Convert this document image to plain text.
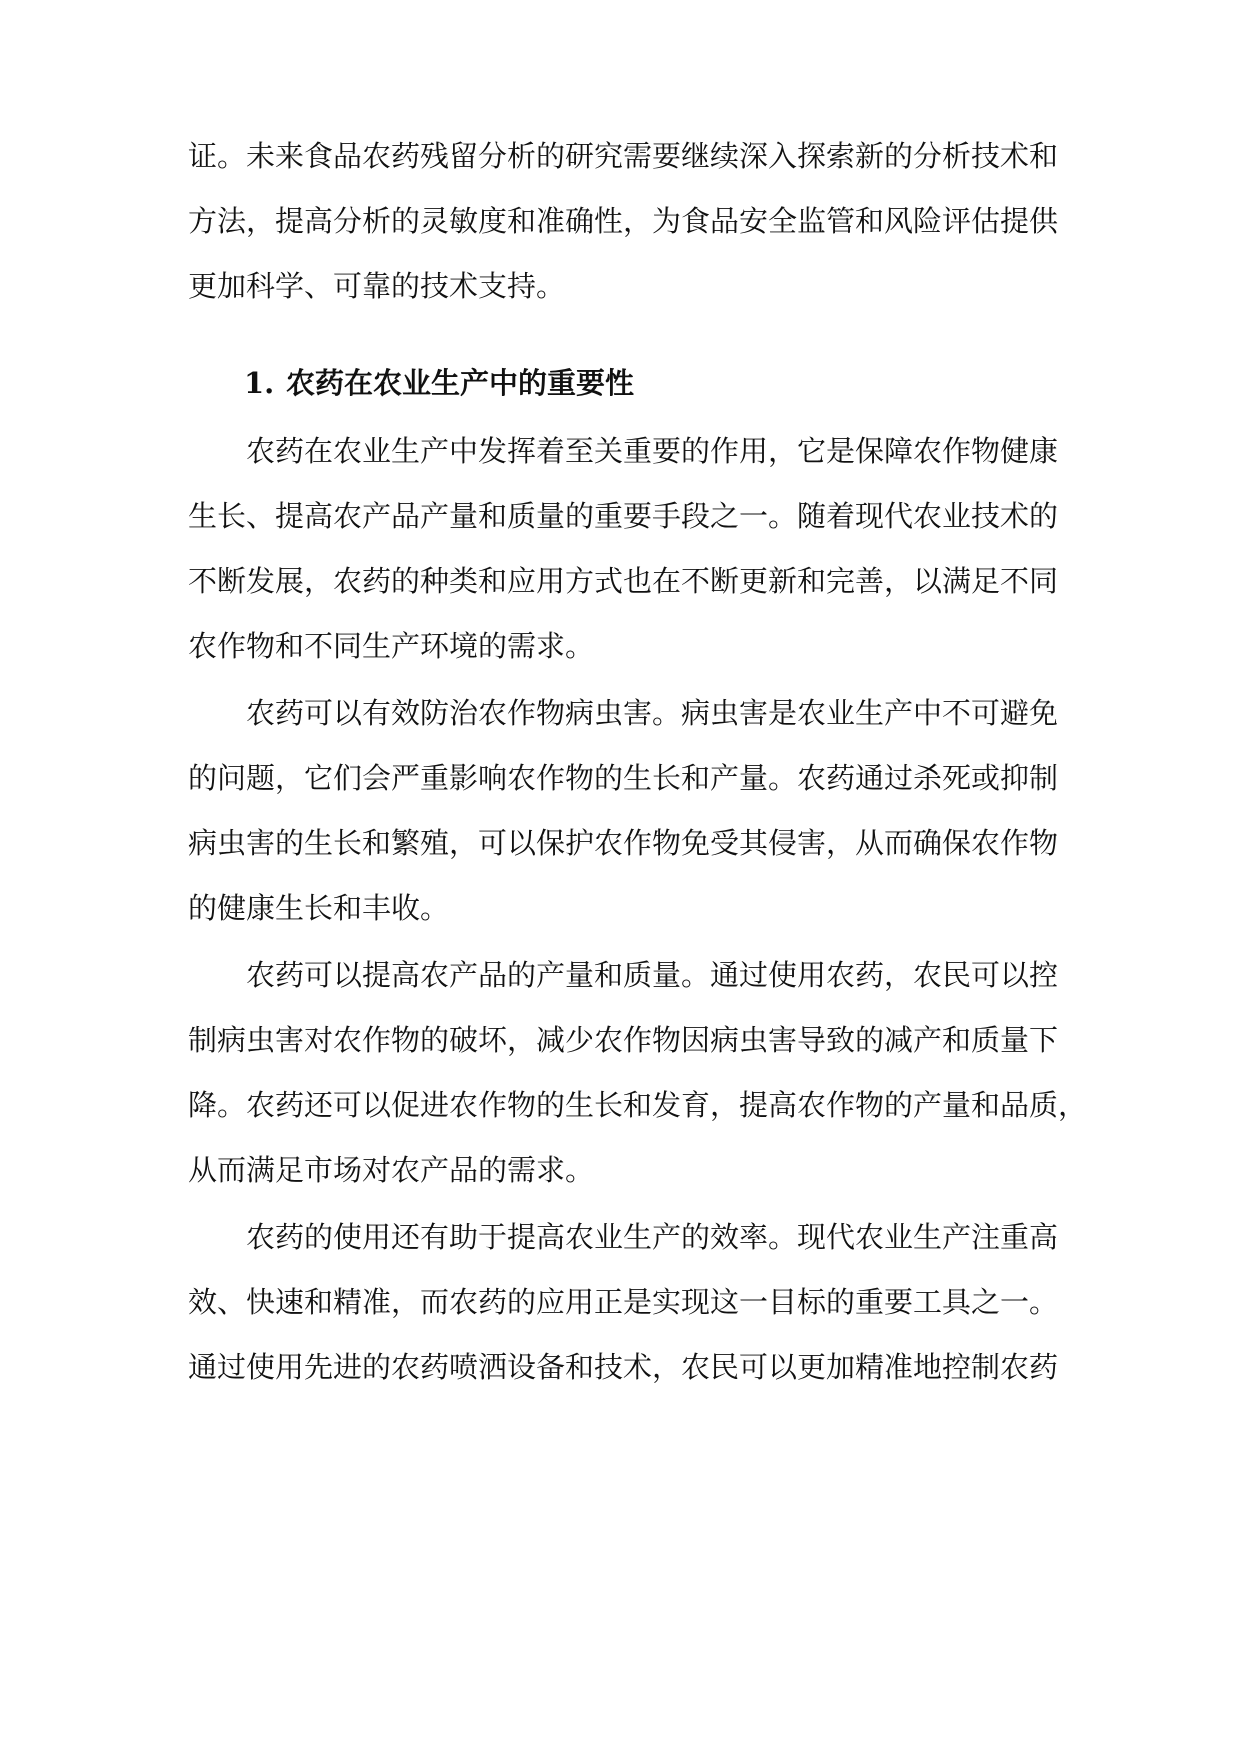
证。未来食品农药残留分析的研究需要继续深入探索新的分析技术和
方法，提高分析的灵敏度和准确性，为食品安全监管和风险评估提供
更加科学、可靠的技术支持。
1. 农药在农业生产中的重要性
农药在农业生产中发挥着至关重要的作用，它是保障农作物健康
生长、提高农产品产量和质量的重要手段之一。随着现代农业技术的
不断发展，农药的种类和应用方式也在不断更新和完善，以满足不同
农作物和不同生产环境的需求。
农药可以有效防治农作物病虫害。病虫害是农业生产中不可避免
的问题，它们会严重影响农作物的生长和产量。农药通过杀死或抑制
病虫害的生长和繁殖，可以保护农作物免受其侵害，从而确保农作物
的健康生长和丰收。
农药可以提高农产品的产量和质量。通过使用农药，农民可以控
制病虫害对农作物的破坏，减少农作物因病虫害导致的减产和质量下
降。农药还可以促进农作物的生长和发育，提高农作物的产量和品质，
从而满足市场对农产品的需求。
农药的使用还有助于提高农业生产的效率。现代农业生产注重高
效、快速和精准，而农药的应用正是实现这一目标的重要工具之一。
通过使用先进的农药喷洒设备和技术，农民可以更加精准地控制农药
